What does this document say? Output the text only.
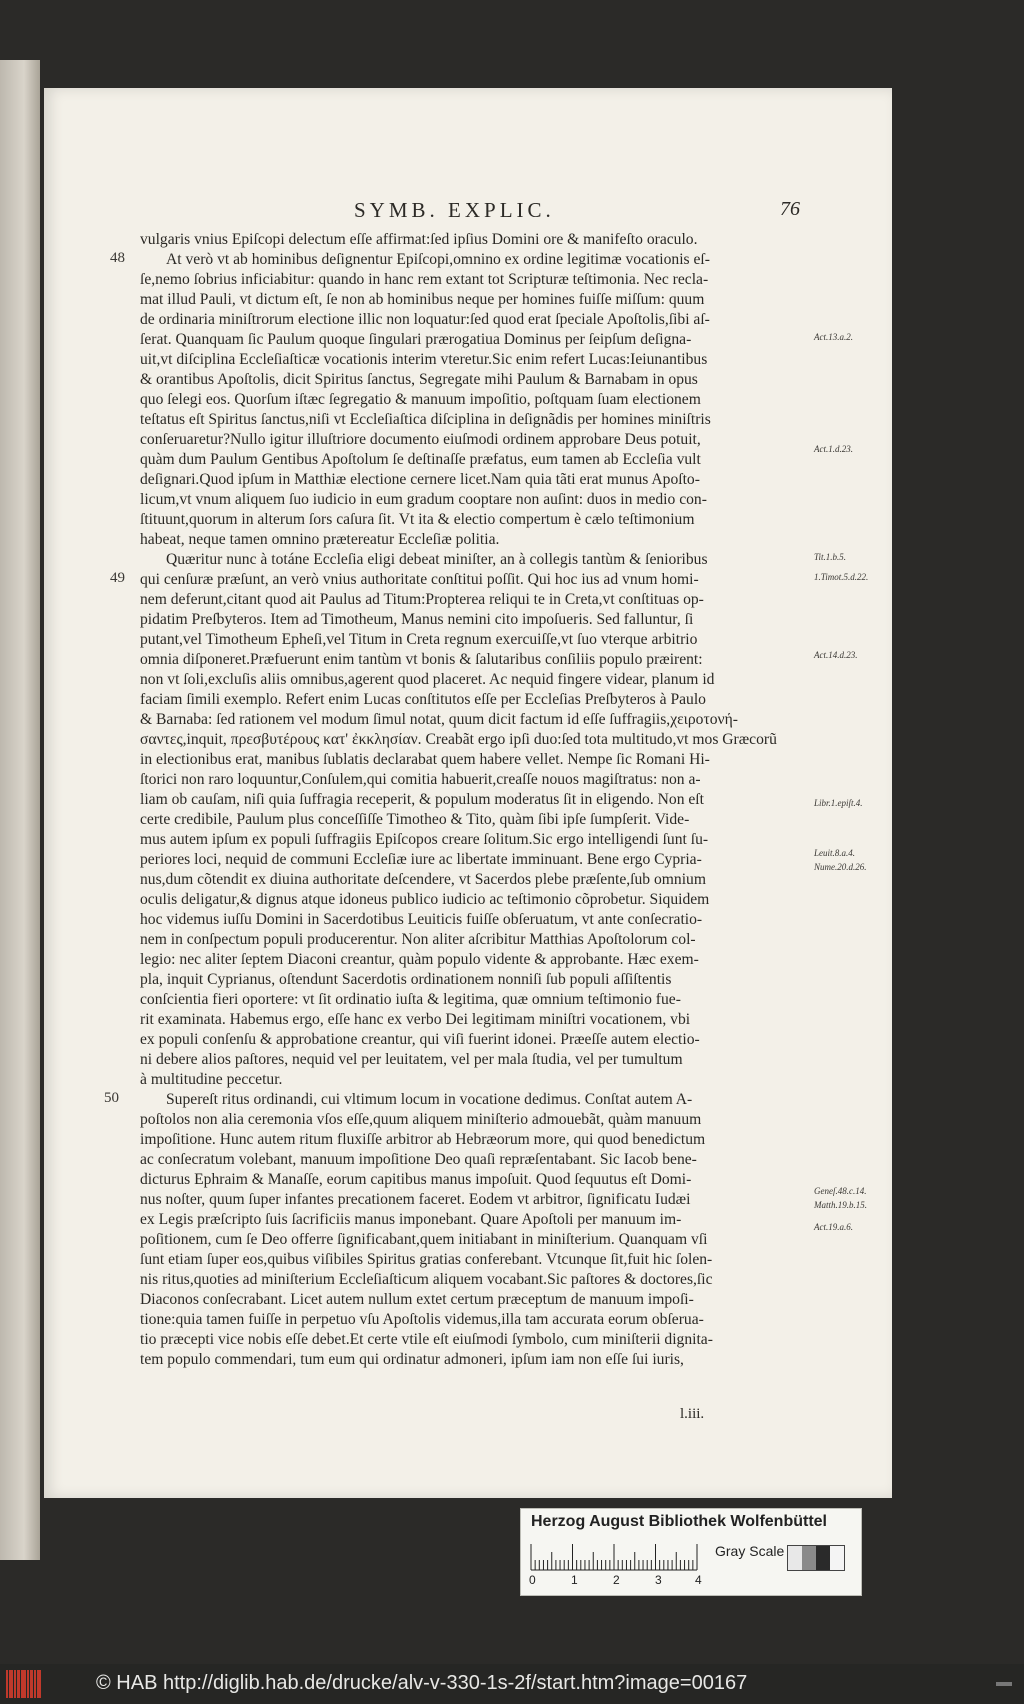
SYMB. EXPLIC.	76
48
49
50
vulgaris vnius Epiſcopi delectum eſſe affirmat:ſed ipſius Domini ore & manifeſto oraculo.
At verò vt ab hominibus deſignentur Epiſcopi,omnino ex ordine legitimæ vocationis eſ-
ſe,nemo ſobrius inficiabitur: quando in hanc rem extant tot Scripturæ teſtimonia. Nec recla-
mat illud Pauli, vt dictum eſt, ſe non ab hominibus neque per homines fuiſſe miſſum: quum
de ordinaria miniſtrorum electione illic non loquatur:ſed quod erat ſpeciale Apoſtolis,ſibi aſ-
ſerat. Quanquam ſic Paulum quoque ſingulari prærogatiua Dominus per ſeipſum deſigna-
uit,vt diſciplina Eccleſiaſticæ vocationis interim vteretur.Sic enim refert Lucas:Ieiunantibus
& orantibus Apoſtolis, dicit Spiritus ſanctus, Segregate mihi Paulum & Barnabam in opus
quo ſelegi eos. Quorſum iſtæc ſegregatio & manuum impoſitio, poſtquam ſuam electionem
teſtatus eſt Spiritus ſanctus,niſi vt Eccleſiaſtica diſciplina in deſignãdis per homines miniſtris
conſeruaretur?Nullo igitur illuſtriore documento eiuſmodi ordinem approbare Deus potuit,
quàm dum Paulum Gentibus Apoſtolum ſe deſtinaſſe præfatus, eum tamen ab Eccleſia vult
deſignari.Quod ipſum in Matthiæ electione cernere licet.Nam quia tãti erat munus Apoſto-
licum,vt vnum aliquem ſuo iudicio in eum gradum cooptare non auſint: duos in medio con-
ſtituunt,quorum in alterum ſors caſura ſit. Vt ita & electio compertum è cælo teſtimonium
habeat, neque tamen omnino prætereatur Eccleſiæ politia.
Quæritur nunc à totáne Eccleſia eligi debeat miniſter, an à collegis tantùm & ſenioribus
qui cenſuræ præſunt, an verò vnius authoritate conſtitui poſſit. Qui hoc ius ad vnum homi-
nem deferunt,citant quod ait Paulus ad Titum:Propterea reliqui te in Creta,vt conſtituas op-
pidatim Preſbyteros. Item ad Timotheum, Manus nemini cito impoſueris. Sed falluntur, ſi
putant,vel Timotheum Epheſi,vel Titum in Creta regnum exercuiſſe,vt ſuo vterque arbitrio
omnia diſponeret.Præfuerunt enim tantùm vt bonis & ſalutaribus conſiliis populo præirent:
non vt ſoli,excluſis aliis omnibus,agerent quod placeret. Ac nequid fingere videar, planum id
faciam ſimili exemplo. Refert enim Lucas conſtitutos eſſe per Eccleſias Preſbyteros à Paulo
& Barnaba: ſed rationem vel modum ſimul notat, quum dicit factum id eſſe ſuffragiis,χειροτονή-
σαντες,inquit, πρεσβυτέρους κατ' ἐκκλησίαν. Creabãt ergo ipſi duo:ſed tota multitudo,vt mos Græcorũ
in electionibus erat, manibus ſublatis declarabat quem habere vellet. Nempe ſic Romani Hi-
ſtorici non raro loquuntur,Conſulem,qui comitia habuerit,creaſſe nouos magiſtratus: non a-
liam ob cauſam, niſi quia ſuffragia receperit, & populum moderatus ſit in eligendo. Non eſt
certe credibile, Paulum plus conceſſiſſe Timotheo & Tito, quàm ſibi ipſe ſumpſerit. Vide-
mus autem ipſum ex populi ſuffragiis Epiſcopos creare ſolitum.Sic ergo intelligendi ſunt ſu-
periores loci, nequid de communi Eccleſiæ iure ac libertate imminuant. Bene ergo Cypria-
nus,dum cõtendit ex diuina authoritate deſcendere, vt Sacerdos plebe præſente,ſub omnium
oculis deligatur,& dignus atque idoneus publico iudicio ac teſtimonio cõprobetur. Siquidem
hoc videmus iuſſu Domini in Sacerdotibus Leuiticis fuiſſe obſeruatum, vt ante conſecratio-
nem in conſpectum populi producerentur. Non aliter aſcribitur Matthias Apoſtolorum col-
legio: nec aliter ſeptem Diaconi creantur, quàm populo vidente & approbante. Hæc exem-
pla, inquit Cyprianus, oſtendunt Sacerdotis ordinationem nonniſi ſub populi aſſiſtentis
conſcientia fieri oportere: vt ſit ordinatio iuſta & legitima, quæ omnium teſtimonio fue-
rit examinata. Habemus ergo, eſſe hanc ex verbo Dei legitimam miniſtri vocationem, vbi
ex populi conſenſu & approbatione creantur, qui viſi fuerint idonei. Præeſſe autem electio-
ni debere alios paſtores, nequid vel per leuitatem, vel per mala ſtudia, vel per tumultum
à multitudine peccetur.
Supereſt ritus ordinandi, cui vltimum locum in vocatione dedimus. Conſtat autem A-
poſtolos non alia ceremonia vſos eſſe,quum aliquem miniſterio admouebãt, quàm manuum
impoſitione. Hunc autem ritum fluxiſſe arbitror ab Hebræorum more, qui quod benedictum
ac conſecratum volebant, manuum impoſitione Deo quaſi repræſentabant. Sic Iacob bene-
dicturus Ephraim & Manaſſe, eorum capitibus manus impoſuit. Quod ſequutus eſt Domi-
nus noſter, quum ſuper infantes precationem faceret. Eodem vt arbitror, ſignificatu Iudæi
ex Legis præſcripto ſuis ſacrificiis manus imponebant. Quare Apoſtoli per manuum im-
poſitionem, cum ſe Deo offerre ſignificabant,quem initiabant in miniſterium. Quanquam vſi
ſunt etiam ſuper eos,quibus viſibiles Spiritus gratias conferebant. Vtcunque ſit,fuit hic ſolen-
nis ritus,quoties ad miniſterium Eccleſiaſticum aliquem vocabant.Sic paſtores & doctores,ſic
Diaconos conſecrabant. Licet autem nullum extet certum præceptum de manuum impoſi-
tione:quia tamen fuiſſe in perpetuo vſu Apoſtolis videmus,illa tam accurata eorum obſerua-
tio præcepti vice nobis eſſe debet.Et certe vtile eſt eiuſmodi ſymbolo, cum miniſterii dignita-
tem populo commendari, tum eum qui ordinatur admoneri, ipſum iam non eſſe ſui iuris,
Act.13.a.2.
Act.1.d.23.
Tit.1.b.5.
1.Timot.5.d.22.
Act.14.d.23.
Libr.1.epiſt.4.
Leuit.8.a.4.
Nume.20.d.26.
Geneſ.48.c.14.
Matth.19.b.15.
Act.19.a.6.
l.iii.
Herzog August Bibliothek Wolfenbüttel
0	1	2	3	4
Gray Scale
© HAB http://diglib.hab.de/drucke/alv-v-330-1s-2f/start.htm?image=00167
